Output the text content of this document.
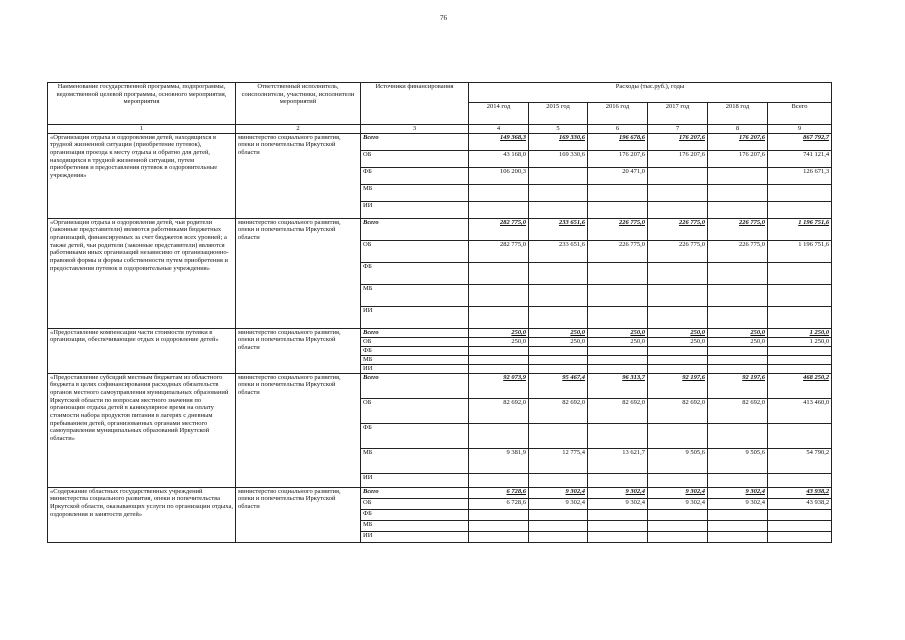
76
Наименование государственной программы, подпрограммы, ведомственной целевой программы, основного мероприятия, мероприятия	Ответственный исполнитель, соисполнители, участники, исполнители мероприятий	Источники финансирования	Расходы (тыс.руб.), годы					
			2014 год	2015 год	2016 год	2017 год	2018 год	Всего
1	2	3	4	5	6	7	8	9
«Организация отдыха и оздоровления детей, находящихся в трудной жизненной ситуации (приобретение путевок), организация проезда к месту отдыха и обратно для детей, находящихся в трудной жизненной ситуации, путем приобретения и предоставления путевок в оздоровительные учреждения»	министерство социального развития, опеки и попечительства Иркутской области	Всего	149 368,3	169 330,6	196 678,6	176 207,6	176 207,6	867 792,7
		ОБ	43 168,0	169 330,6	176 207,6	176 207,6	176 207,6	741 121,4
		ФБ	106 200,3		20 471,0			126 671,3
		МБ						
		ИИ						
«Организация отдыха и оздоровления детей, чьи родители (законные представители) являются работниками бюджетных организаций, финансируемых за счет бюджетов всех уровней; а также детей, чьи родители (законные представители) являются работниками иных организаций независимо от организационно-правовой формы и формы собственности путем приобретения и предоставления путевок в оздоровительные учреждения»	министерство социального развития, опеки и попечительства Иркутской области	Всего	282 775,0	233 651,6	226 775,0	226 775,0	226 775,0	1 196 751,6
		ОБ	282 775,0	233 651,6	226 775,0	226 775,0	226 775,0	1 196 751,6
		ФБ						
		МБ						
		ИИ						
«Предоставление компенсации части стоимости путевки в организации, обеспечивающие отдых и оздоровление детей»	министерство социального развития, опеки и попечительства Иркутской области	Всего	250,0	250,0	250,0	250,0	250,0	1 250,0
		ОБ	250,0	250,0	250,0	250,0	250,0	1 250,0
		ФБ						
		МБ						
		ИИ						
«Предоставление субсидий местным бюджетам из областного бюджета в целях софинансирования расходных обязательств органов местного самоуправления муниципальных образований Иркутской области по вопросам местного значения по организации отдыха детей в каникулярное время на оплату стоимости набора продуктов питания в лагерях с дневным пребыванием детей, организованных органами местного самоуправления муниципальных образований Иркутской области»	министерство социального развития, опеки и попечительства Иркутской области	Всего	92 073,9	95 467,4	96 313,7	92 197,6	92 197,6	468 250,2
		ОБ	82 692,0	82 692,0	82 692,0	82 692,0	82 692,0	413 460,0
		ФБ						
		МБ	9 381,9	12 775,4	13 621,7	9 505,6	9 505,6	54 790,2
		ИИ						
«Содержание областных государственных учреждений министерства социального развития, опеки и попечительства Иркутской области, оказывающих услуги по организации отдыха, оздоровления и занятости детей»	министерство социального развития, опеки и попечительства Иркутской области	Всего	6 728,6	9 302,4	9 302,4	9 302,4	9 302,4	43 938,2
		ОБ	6 728,6	9 302,4	9 302,4	9 302,4	9 302,4	43 938,2
		ФБ						
		МБ						
		ИИ						
